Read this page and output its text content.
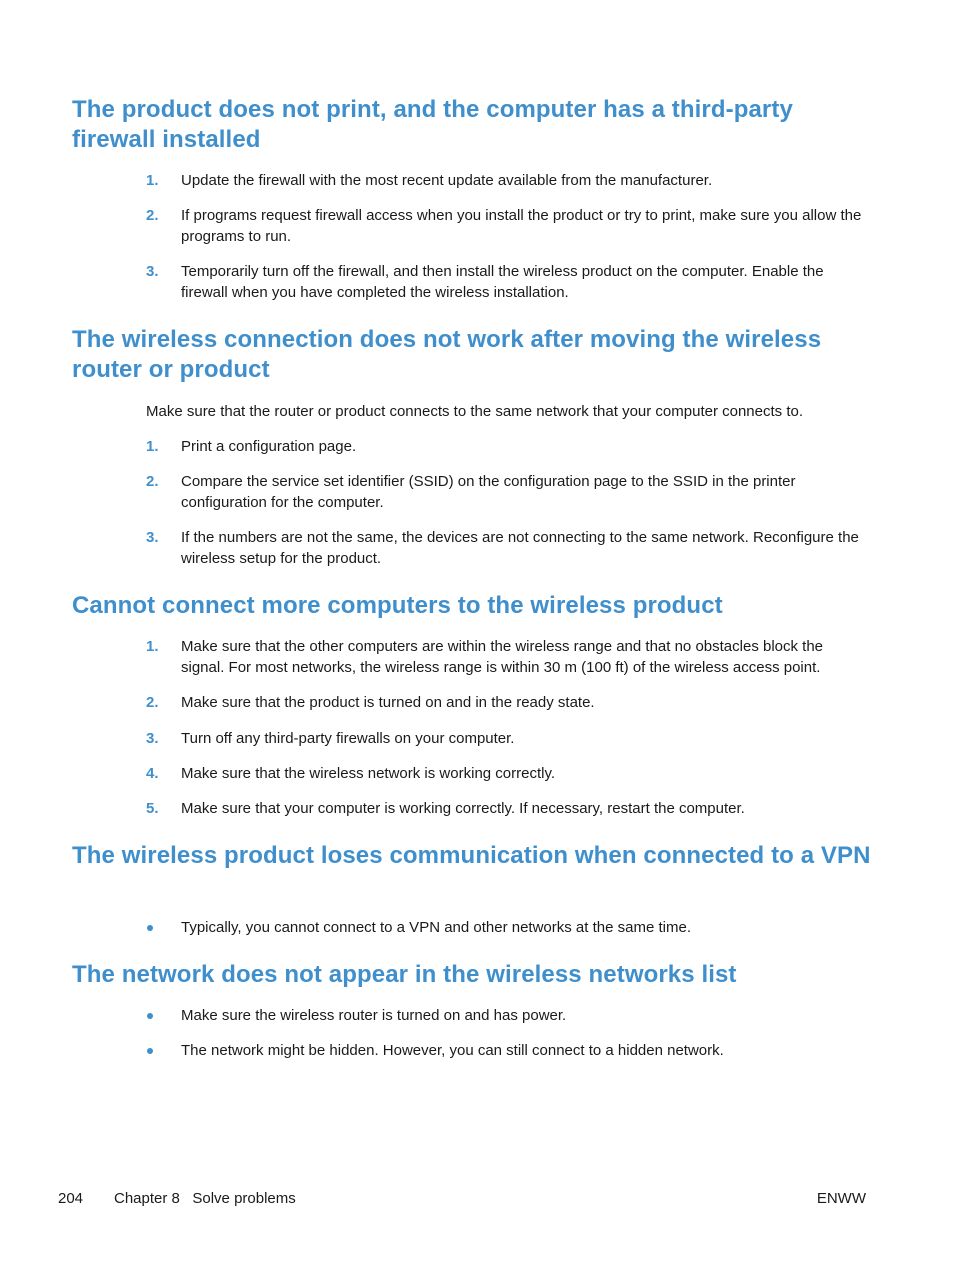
The product does not print, and the computer has a third-party firewall installed
1.	Update the firewall with the most recent update available from the manufacturer.
2.	If programs request firewall access when you install the product or try to print, make sure you allow the programs to run.
3.	Temporarily turn off the firewall, and then install the wireless product on the computer. Enable the firewall when you have completed the wireless installation.
The wireless connection does not work after moving the wireless router or product

Make sure that the router or product connects to the same network that your computer connects to.

1.	Print a configuration page.
2.	Compare the service set identifier (SSID) on the configuration page to the SSID in the printer configuration for the computer.
3.	If the numbers are not the same, the devices are not connecting to the same network. Reconfigure the wireless setup for the product.
Cannot connect more computers to the wireless product
1.	Make sure that the other computers are within the wireless range and that no obstacles block the signal. For most networks, the wireless range is within 30 m (100 ft) of the wireless access point.
2.	Make sure that the product is turned on and in the ready state.
3.	Turn off any third-party firewalls on your computer.
4.	Make sure that the wireless network is working correctly.
5.	Make sure that your computer is working correctly. If necessary, restart the computer.
The wireless product loses communication when connected to a VPN
Typically, you cannot connect to a VPN and other networks at the same time.
The network does not appear in the wireless networks list
Make sure the wireless router is turned on and has power.
The network might be hidden. However, you can still connect to a hidden network.
204 Chapter 8   Solve problems	ENWW
